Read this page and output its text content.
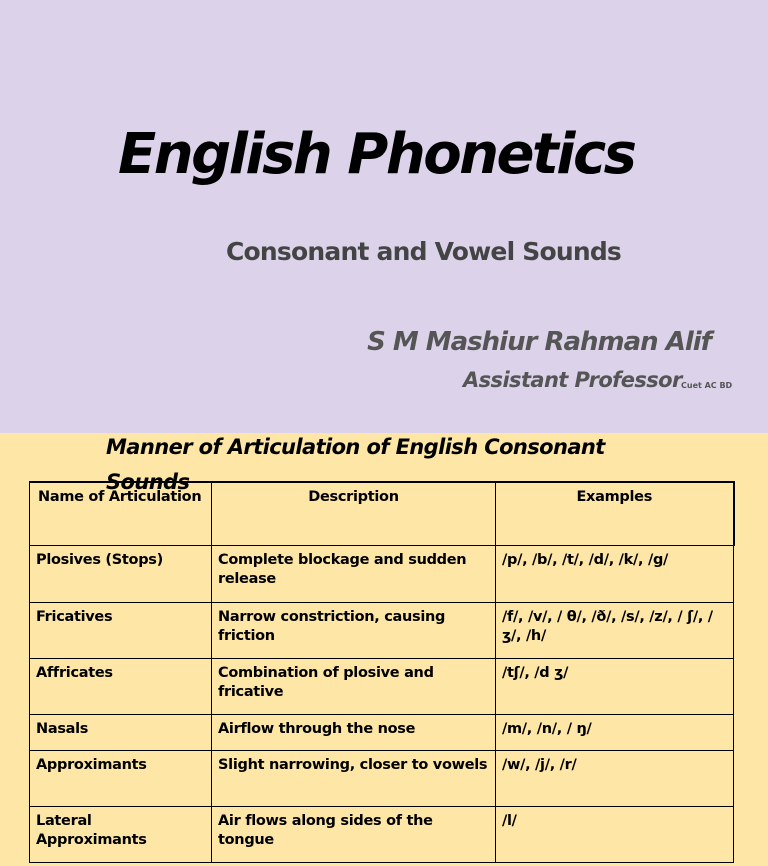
English Phonetics
Consonant and Vowel Sounds
S M Mashiur Rahman Alif
Assistant Professor Cuet AC BD
Manner of Articulation of English Consonant Sounds
Name of Articulation	Description	Examples
Plosives (Stops)	Complete blockage and sudden release	/p/, /b/, /t/, /d/, /k/, /g/
Fricatives	Narrow constriction, causing friction	/f/, /v/, / θ/, /ð/, /s/, /z/, / ʃ/, /ʒ/, /h/
Affricates	Combination of plosive and fricative	/tʃ/, /d ʒ/
Nasals	Airflow through the nose	/m/, /n/, / ŋ/
Approximants	Slight narrowing, closer to vowels	/w/, /j/, /r/
Lateral Approximants	Air flows along sides of the tongue	/l/
